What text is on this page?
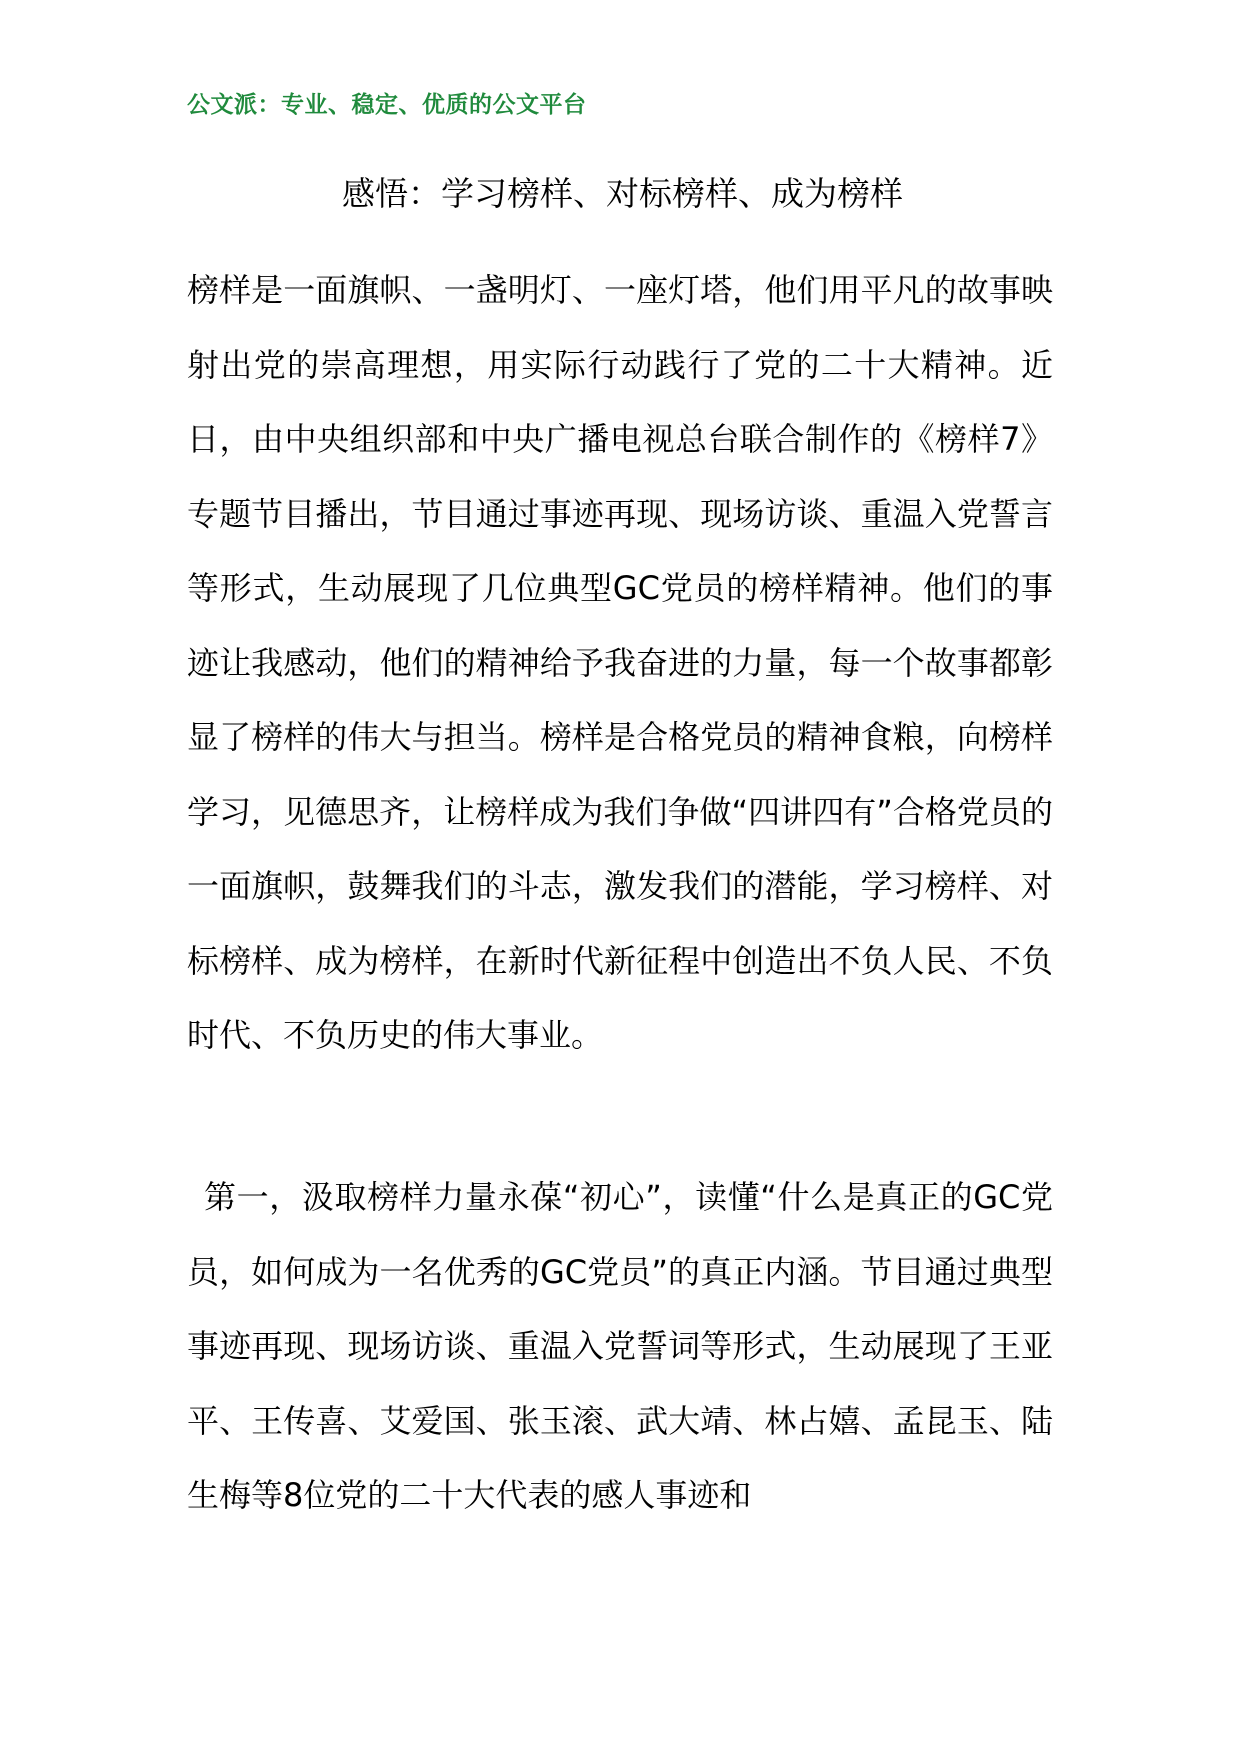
公文派：专业、稳定、优质的公文平台
感悟：学习榜样、对标榜样、成为榜样
榜样是一面旗帜、一盏明灯、一座灯塔，他们用平凡的故事映射出党的崇高理想，用实际行动践行了党的二十大精神。近日，由中央组织部和中央广播电视总台联合制作的《榜样7》专题节目播出，节目通过事迹再现、现场访谈、重温入党誓言等形式，生动展现了几位典型GC党员的榜样精神。他们的事迹让我感动，他们的精神给予我奋进的力量，每一个故事都彰显了榜样的伟大与担当。榜样是合格党员的精神食粮，向榜样学习，见德思齐，让榜样成为我们争做“四讲四有”合格党员的一面旗帜，鼓舞我们的斗志，激发我们的潜能，学习榜样、对标榜样、成为榜样，在新时代新征程中创造出不负人民、不负时代、不负历史的伟大事业。
第一，汲取榜样力量永葆“初心”，读懂“什么是真正的GC党员，如何成为一名优秀的GC党员”的真正内涵。节目通过典型事迹再现、现场访谈、重温入党誓词等形式，生动展现了王亚平、王传喜、艾爱国、张玉滚、武大靖、林占嬉、孟昆玉、陆生梅等8位党的二十大代表的感人事迹和
